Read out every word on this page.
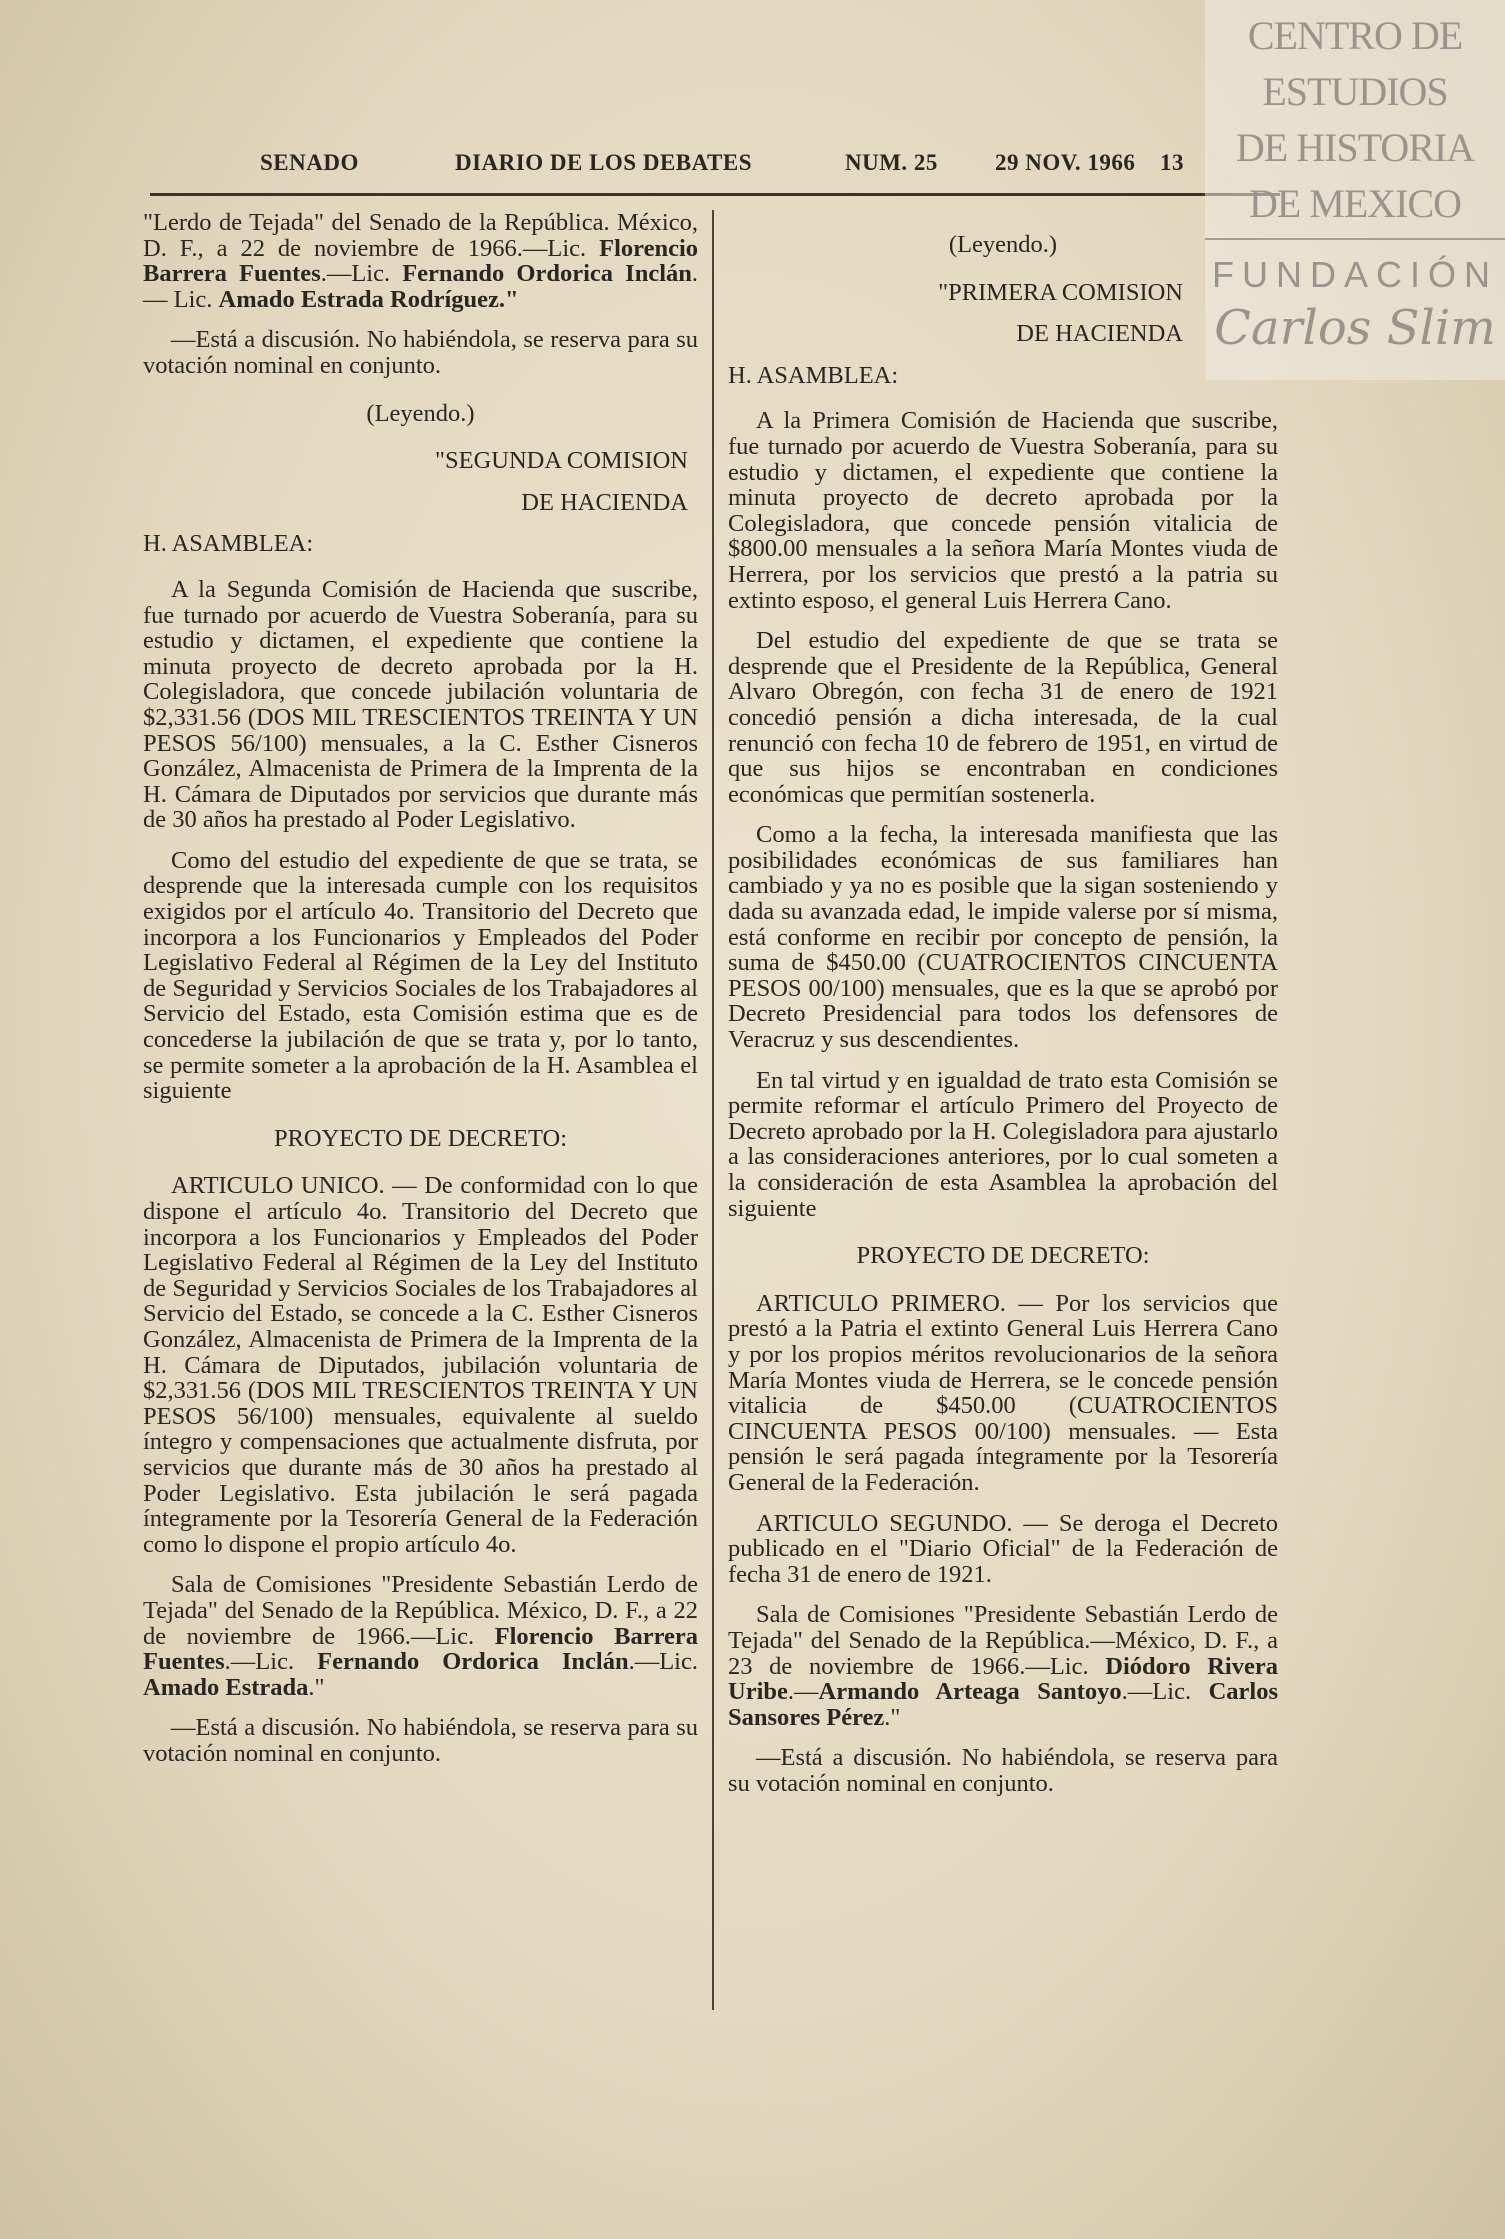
SENADO	DIARIO DE LOS DEBATES	NUM. 25 29 NOV. 1966 13
"Lerdo de Tejada" del Senado de la República. México, D. F., a 22 de noviembre de 1966.—Lic. Florencio Barrera Fuentes.—Lic. Fernando Ordorica Inclán.— Lic. Amado Estrada Rodríguez."
—Está a discusión. No habiéndola, se reserva para su votación nominal en conjunto.
(Leyendo.)
"SEGUNDA COMISION
DE HACIENDA
H. ASAMBLEA:
A la Segunda Comisión de Hacienda que suscribe, fue turnado por acuerdo de Vuestra Soberanía, para su estudio y dictamen, el expediente que contiene la minuta proyecto de decreto aprobada por la H. Colegisladora, que concede jubilación voluntaria de $2,331.56 (DOS MIL TRESCIENTOS TREINTA Y UN PESOS 56/100) mensuales, a la C. Esther Cisneros González, Almacenista de Primera de la Imprenta de la H. Cámara de Diputados por servicios que durante más de 30 años ha prestado al Poder Legislativo.
Como del estudio del expediente de que se trata, se desprende que la interesada cumple con los requisitos exigidos por el artículo 4o. Transitorio del Decreto que incorpora a los Funcionarios y Empleados del Poder Legislativo Federal al Régimen de la Ley del Instituto de Seguridad y Servicios Sociales de los Trabajadores al Servicio del Estado, esta Comisión estima que es de concederse la jubilación de que se trata y, por lo tanto, se permite someter a la aprobación de la H. Asamblea el siguiente
PROYECTO DE DECRETO:
ARTICULO UNICO. — De conformidad con lo que dispone el artículo 4o. Transitorio del Decreto que incorpora a los Funcionarios y Empleados del Poder Legislativo Federal al Régimen de la Ley del Instituto de Seguridad y Servicios Sociales de los Trabajadores al Servicio del Estado, se concede a la C. Esther Cisneros González, Almacenista de Primera de la Imprenta de la H. Cámara de Diputados, jubilación voluntaria de $2,331.56 (DOS MIL TRESCIENTOS TREINTA Y UN PESOS 56/100) mensuales, equivalente al sueldo íntegro y compensaciones que actualmente disfruta, por servicios que durante más de 30 años ha prestado al Poder Legislativo. Esta jubilación le será pagada íntegramente por la Tesorería General de la Federación como lo dispone el propio artículo 4o.
Sala de Comisiones "Presidente Sebastián Lerdo de Tejada" del Senado de la República. México, D. F., a 22 de noviembre de 1966.—Lic. Florencio Barrera Fuentes.—Lic. Fernando Ordorica Inclán.—Lic. Amado Estrada."
—Está a discusión. No habiéndola, se reserva para su votación nominal en conjunto.
(Leyendo.)
"PRIMERA COMISION
DE HACIENDA
H. ASAMBLEA:
A la Primera Comisión de Hacienda que suscribe, fue turnado por acuerdo de Vuestra Soberanía, para su estudio y dictamen, el expediente que contiene la minuta proyecto de decreto aprobada por la Colegisladora, que concede pensión vitalicia de $800.00 mensuales a la señora María Montes viuda de Herrera, por los servicios que prestó a la patria su extinto esposo, el general Luis Herrera Cano.
Del estudio del expediente de que se trata se desprende que el Presidente de la República, General Alvaro Obregón, con fecha 31 de enero de 1921 concedió pensión a dicha interesada, de la cual renunció con fecha 10 de febrero de 1951, en virtud de que sus hijos se encontraban en condiciones económicas que permitían sostenerla.
Como a la fecha, la interesada manifiesta que las posibilidades económicas de sus familiares han cambiado y ya no es posible que la sigan sosteniendo y dada su avanzada edad, le impide valerse por sí misma, está conforme en recibir por concepto de pensión, la suma de $450.00 (CUATROCIENTOS CINCUENTA PESOS 00/100) mensuales, que es la que se aprobó por Decreto Presidencial para todos los defensores de Veracruz y sus descendientes.
En tal virtud y en igualdad de trato esta Comisión se permite reformar el artículo Primero del Proyecto de Decreto aprobado por la H. Colegisladora para ajustarlo a las consideraciones anteriores, por lo cual someten a la consideración de esta Asamblea la aprobación del siguiente
PROYECTO DE DECRETO:
ARTICULO PRIMERO. — Por los servicios que prestó a la Patria el extinto General Luis Herrera Cano y por los propios méritos revolucionarios de la señora María Montes viuda de Herrera, se le concede pensión vitalicia de $450.00 (CUATROCIENTOS CINCUENTA PESOS 00/100) mensuales. — Esta pensión le será pagada íntegramente por la Tesorería General de la Federación.
ARTICULO SEGUNDO. — Se deroga el Decreto publicado en el "Diario Oficial" de la Federación de fecha 31 de enero de 1921.
Sala de Comisiones "Presidente Sebastián Lerdo de Tejada" del Senado de la República.—México, D. F., a 23 de noviembre de 1966.—Lic. Diódoro Rivera Uribe.—Armando Arteaga Santoyo.—Lic. Carlos Sansores Pérez."
—Está a discusión. No habiéndola, se reserva para su votación nominal en conjunto.
CENTRO DE
ESTUDIOS
DE HISTORIA
DE MEXICO
FUNDACIÓN
Carlos Slim
